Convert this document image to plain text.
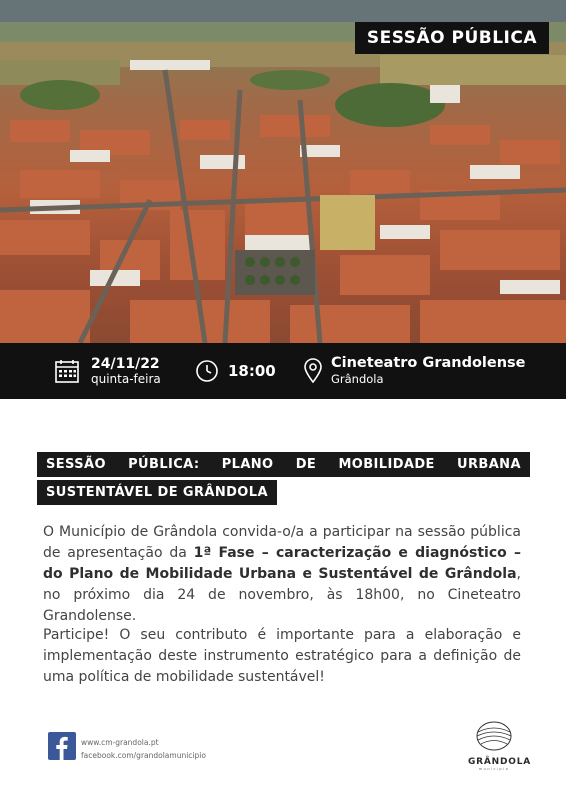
SESSÃO PÚBLICA
24/11/22
quinta-feira	18:00	Cineteatro Grandolense
Grândola
SESSÃO PÚBLICA: PLANO DE MOBILIDADE URBANA
SUSTENTÁVEL DE GRÂNDOLA
O Município de Grândola convida-o/a a participar na sessão pública de apresentação da 1ª Fase – caracterização e diagnóstico – do Plano de Mobilidade Urbana e Sustentável de Grândola, no próximo dia 24 de novembro, às 18h00, no Cineteatro Grandolense.
Participe! O seu contributo é importante para a elaboração e implementação deste instrumento estratégico para a definição de uma política de mobilidade sustentável!
www.cm-grandola.pt
facebook.com/grandolamunicipio
GRÂNDOLA
município
